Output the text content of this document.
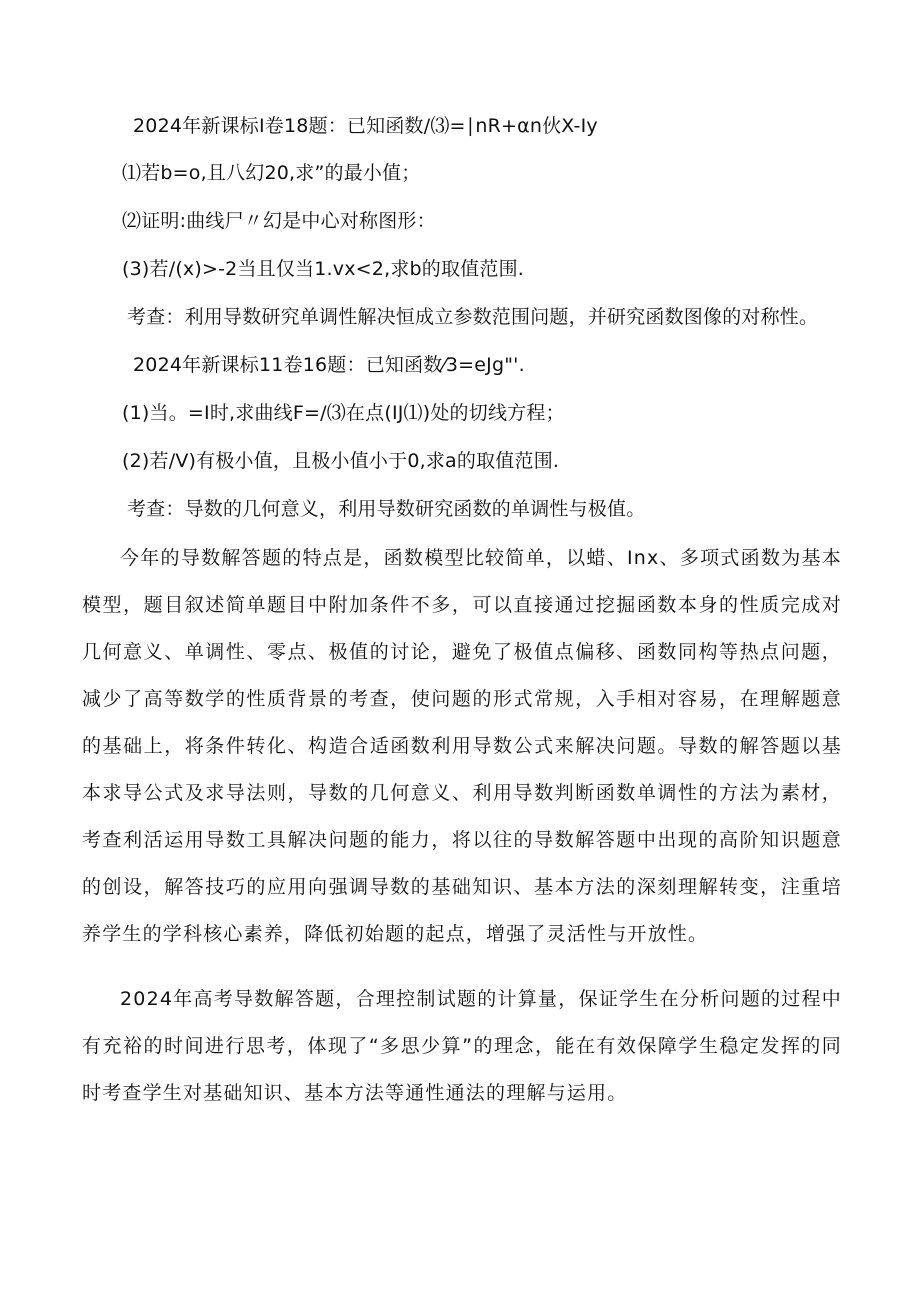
2024年新课标I卷18题：已知函数/⑶=∣nR+αn伙X-Iy
⑴若b=o,且八幻20,求”的最小值；
⑵证明:曲线尸〃幻是中心对称图形：
(3)若/(x)>-2当且仅当1.vx<2,求b的取值范围.
考查：利用导数研究单调性解决恒成立参数范围问题，并研究函数图像的对称性。
2024年新课标11卷16题：已知函数⁄3=eJg"'.
(1)当。=I时,求曲线F=/⑶在点(IJ⑴)处的切线方程；
(2)若/V)有极小值，且极小值小于0,求a的取值范围.
考查：导数的几何意义，利用导数研究函数的单调性与极值。
今年的导数解答题的特点是，函数模型比较简单，以蜡、Inx、多项式函数为基本模型，题目叙述简单题目中附加条件不多，可以直接通过挖掘函数本身的性质完成对几何意义、单调性、零点、极值的讨论，避免了极值点偏移、函数同构等热点问题，减少了高等数学的性质背景的考查，使问题的形式常规，入手相对容易，在理解题意的基础上，将条件转化、构造合适函数利用导数公式来解决问题。导数的解答题以基本求导公式及求导法则，导数的几何意义、利用导数判断函数单调性的方法为素材，考查利活运用导数工具解决问题的能力，将以往的导数解答题中出现的高阶知识题意的创设，解答技巧的应用向强调导数的基础知识、基本方法的深刻理解转变，注重培养学生的学科核心素养，降低初始题的起点，增强了灵活性与开放性。
2024年高考导数解答题，合理控制试题的计算量，保证学生在分析问题的过程中有充裕的时间进行思考，体现了“多思少算”的理念，能在有效保障学生稳定发挥的同时考查学生对基础知识、基本方法等通性通法的理解与运用。
